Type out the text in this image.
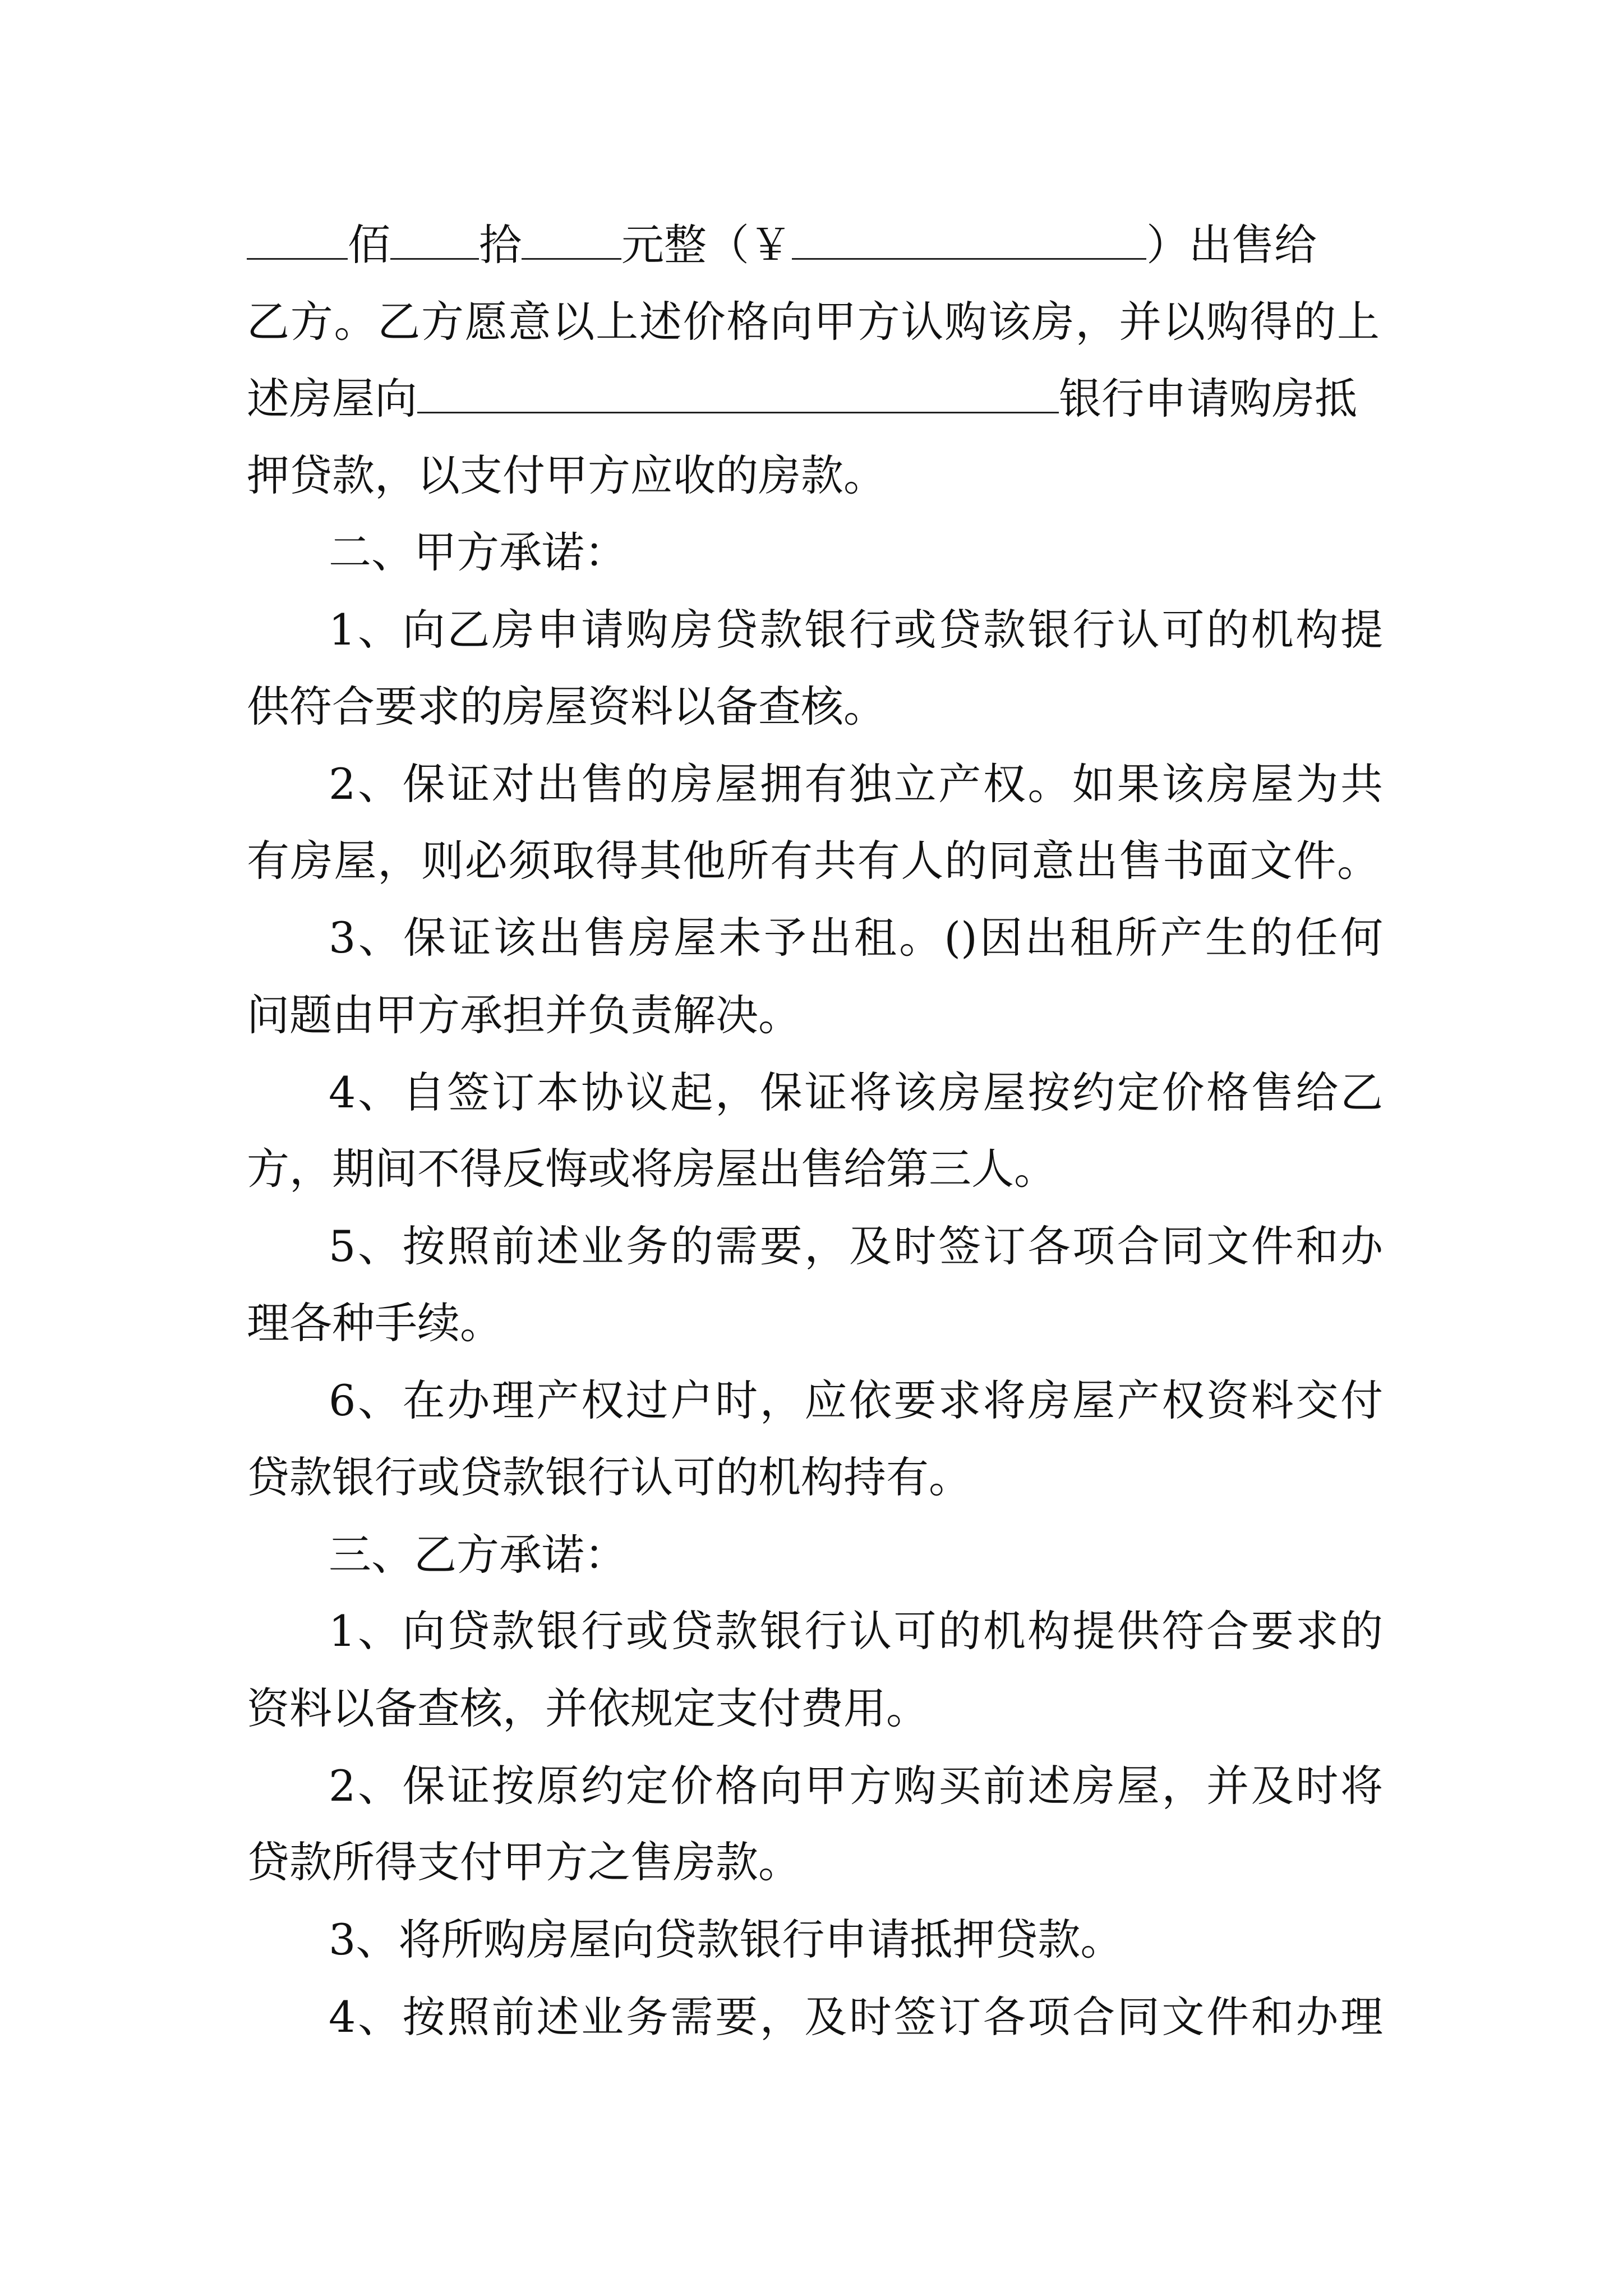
佰 拾 元整（￥	）出售给
乙方。乙方愿意以上述价格向甲方认购该房，并以购得的上
述房屋向	银行申请购房抵
押贷款，以支付甲方应收的房款。
二、甲方承诺：
1、向乙房申请购房贷款银行或贷款银行认可的机构提
供符合要求的房屋资料以备查核。
2、保证对出售的房屋拥有独立产权。如果该房屋为共
有房屋，则必须取得其他所有共有人的同意出售书面文件。
3、保证该出售房屋未予出租。()因出租所产生的任何
问题由甲方承担并负责解决。
4、自签订本协议起，保证将该房屋按约定价格售给乙
方，期间不得反悔或将房屋出售给第三人。
5、按照前述业务的需要，及时签订各项合同文件和办
理各种手续。
6、在办理产权过户时，应依要求将房屋产权资料交付
贷款银行或贷款银行认可的机构持有。
三、乙方承诺：
1、向贷款银行或贷款银行认可的机构提供符合要求的
资料以备查核，并依规定支付费用。
2、保证按原约定价格向甲方购买前述房屋，并及时将
贷款所得支付甲方之售房款。
3、将所购房屋向贷款银行申请抵押贷款。
4、按照前述业务需要，及时签订各项合同文件和办理
